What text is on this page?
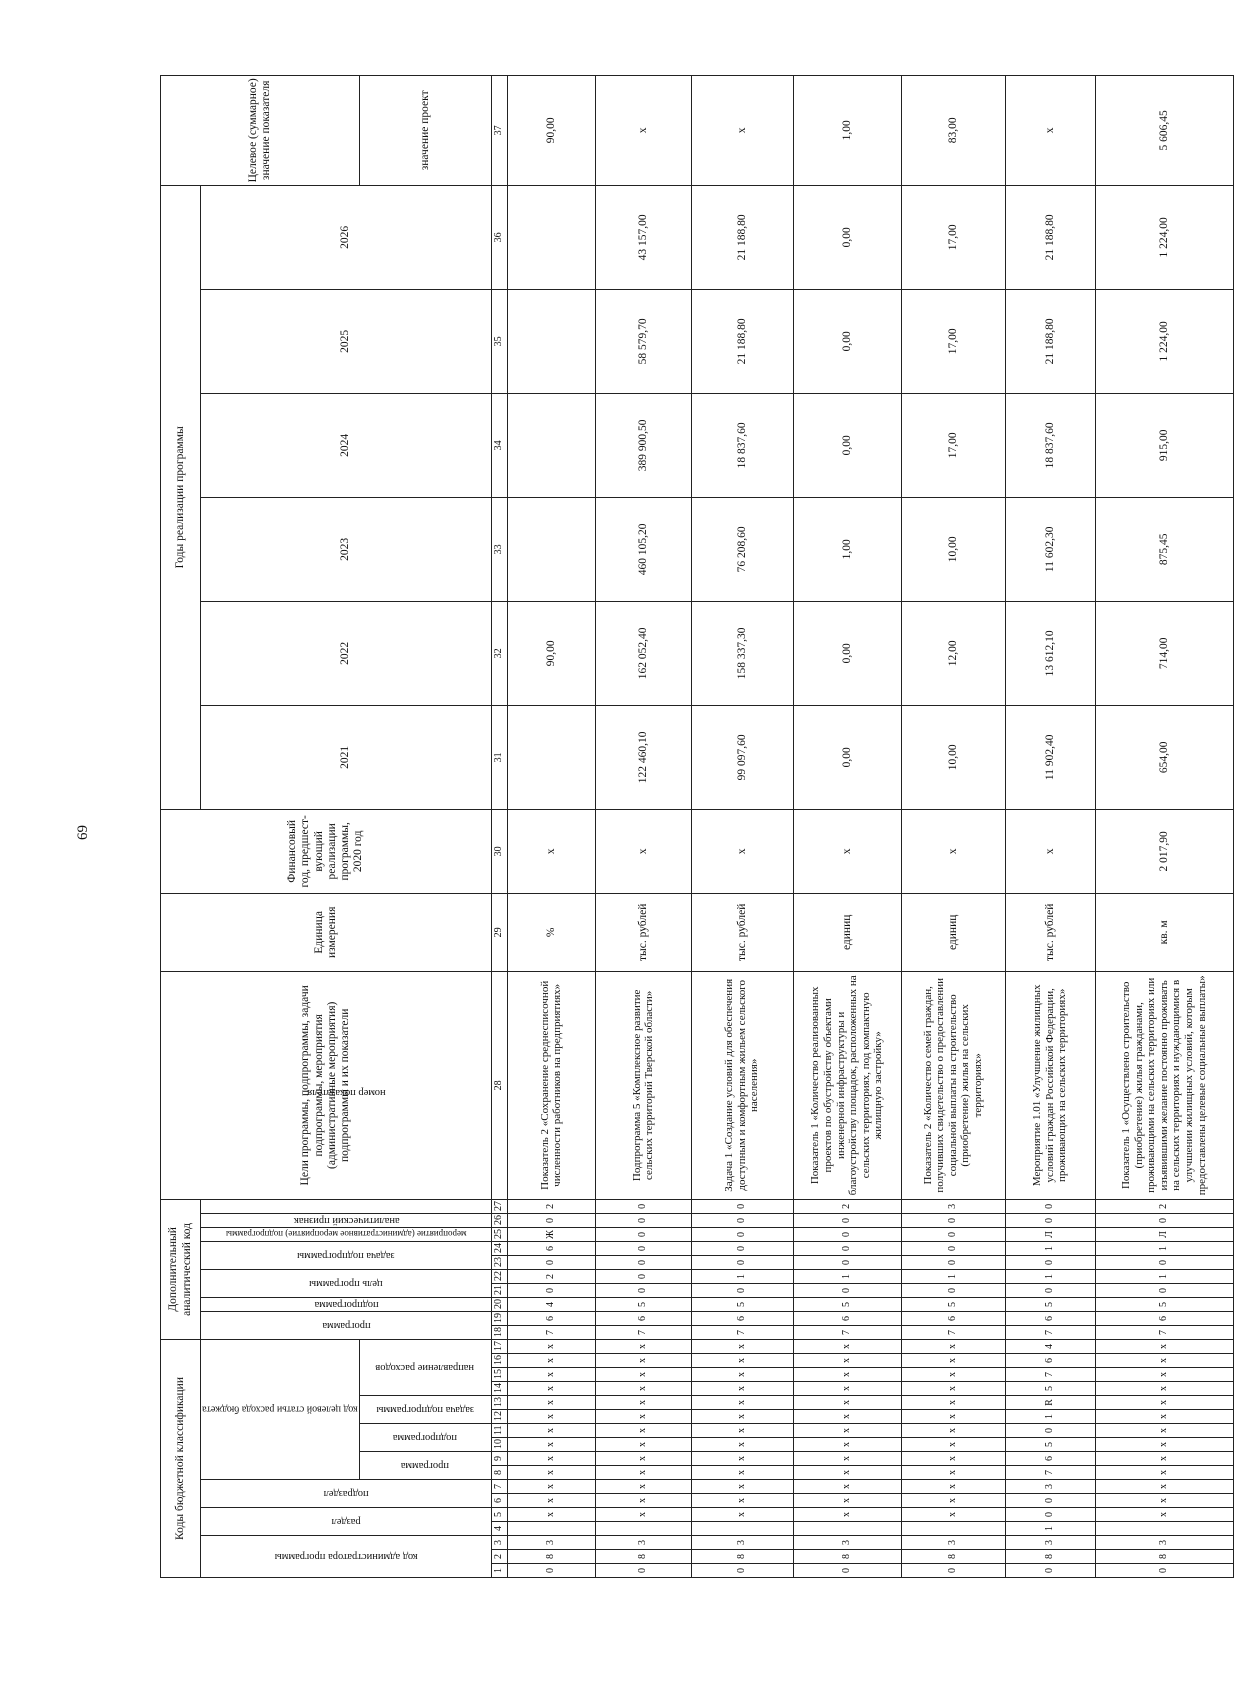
69
Коды бюджетной классификации																	Дополнительный аналитический код										Цели программы, подпрограммы, задачи подпрограммы, мероприятия (административные мероприятия) подпрограммы и их показатели	Единица измерения	Финансовый год, предшест-вующий реализации программы, 2020 год	Годы реализации программы						Целевое (суммарное) значение показателя
код администратора программы			раздел		подраздел		код целевой статьи расхода бюджета										программа		подпрограмма	цель программы		задача подпрограммы		мероприятие (административное мероприятие) подпрограммы	аналитический признак	номер показателя				2021	2022	2023	2024	2025	2026	
							программа		подпрограмма		задача подпрограммы		направление расходов																							значение проект
1	2	3	4	5	6	7	8	9	10	11	12	13	14	15	16	17	18	19	20	21	22	23	24	25	26	27	28	29	30	31	32	33	34	35	36	37
0	8	3		x	x	x	x	x	x	x	x	x	x	x	x	x	7	6	4	0	2	0	6	Ж	0	2	Показатель 2 «Сохранение среднесписочной численности работников на предприятиях»	%	x		90,00					90,00
0	8	3		x	x	x	x	x	x	x	x	x	x	x	x	x	7	6	5	0	0	0	0	0	0	0	Подпрограмма 5 «Комплексное развитие сельских территорий Тверской области»	тыс. рублей	x	122 460,10	162 052,40	460 105,20	389 900,50	58 579,70	43 157,00	x
0	8	3		x	x	x	x	x	x	x	x	x	x	x	x	x	7	6	5	0	1	0	0	0	0	0	Задача 1 «Создание условий для обеспечения доступным и комфортным жильем сельского населения»	тыс. рублей	x	99 097,60	158 337,30	76 208,60	18 837,60	21 188,80	21 188,80	x
0	8	3		x	x	x	x	x	x	x	x	x	x	x	x	x	7	6	5	0	1	0	0	0	0	2	Показатель 1 «Количество реализованных проектов по обустройству объектами инженерной инфраструктуры и благоустройству площадок, расположенных на сельских территориях, под компактную жилищную застройку»	единиц	x	0,00	0,00	1,00	0,00	0,00	0,00	1,00
0	8	3		x	x	x	x	x	x	x	x	x	x	x	x	x	7	6	5	0	1	0	0	0	0	3	Показатель 2 «Количество семей граждан, получивших свидетельство о предоставлении социальной выплаты на строительство (приобретение) жилья на сельских территориях»	единиц	x	10,00	12,00	10,00	17,00	17,00	17,00	83,00
0	8	3	1	0	0	3	7	6	5	0	1	R	5	7	6	4	7	6	5	0	1	0	1	Л	0	0	Мероприятие 1.01 «Улучшение жилищных условий граждан Российской Федерации, проживающих на сельских территориях»	тыс. рублей	x	11 902,40	13 612,10	11 602,30	18 837,60	21 188,80	21 188,80	x
0	8	3		x	x	x	x	x	x	x	x	x	x	x	x	x	7	6	5	0	1	0	1	Л	0	2	Показатель 1 «Осуществлено строительство (приобретение) жилья гражданами, проживающими на сельских территориях или изъявившими желание постоянно проживать на сельских территориях и нуждающимися в улучшении жилищных условий, которым предоставлены целевые социальные выплаты»	кв. м	2 017,90	654,00	714,00	875,45	915,00	1 224,00	1 224,00	5 606,45
